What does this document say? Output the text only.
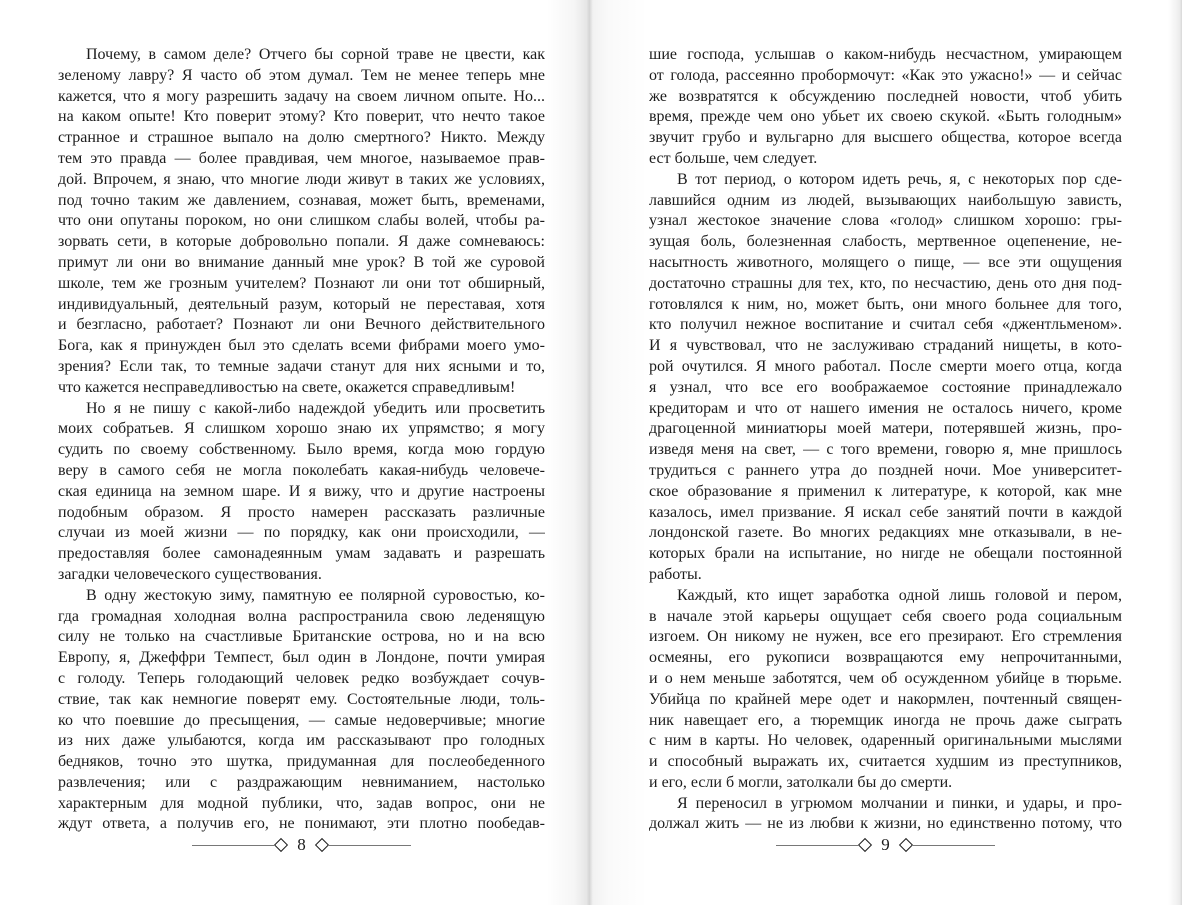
Почему, в самом деле? Отчего бы сорной траве не цвести, как
зеленому лавру? Я часто об этом думал. Тем не менее теперь мне
кажется, что я могу разрешить задачу на своем личном опыте. Но...
на каком опыте! Кто поверит этому? Кто поверит, что нечто такое
странное и страшное выпало на долю смертного? Никто. Между
тем это правда — более правдивая, чем многое, называемое прав-
дой. Впрочем, я знаю, что многие люди живут в таких же условиях,
под точно таким же давлением, сознавая, может быть, временами,
что они опутаны пороком, но они слишком слабы волей, чтобы ра-
зорвать сети, в которые добровольно попали. Я даже сомневаюсь:
примут ли они во внимание данный мне урок? В той же суровой
школе, тем же грозным учителем? Познают ли они тот обширный,
индивидуальный, деятельный разум, который не переставая, хотя
и безгласно, работает? Познают ли они Вечного действительного
Бога, как я принужден был это сделать всеми фибрами моего умо-
зрения? Если так, то темные задачи станут для них ясными и то,
что кажется несправедливостью на свете, окажется справедливым!
Но я не пишу с какой-либо надеждой убедить или просветить
моих собратьев. Я слишком хорошо знаю их упрямство; я могу
судить по своему собственному. Было время, когда мою гордую
веру в самого себя не могла поколебать какая-нибудь человече-
ская единица на земном шаре. И я вижу, что и другие настроены
подобным образом. Я просто намерен рассказать различные
случаи из моей жизни — по порядку, как они происходили, —
предоставляя более самонадеянным умам задавать и разрешать
загадки человеческого существования.
В одну жестокую зиму, памятную ее полярной суровостью, ко-
гда громадная холодная волна распространила свою леденящую
силу не только на счастливые Британские острова, но и на всю
Европу, я, Джеффри Темпест, был один в Лондоне, почти умирая
с голоду. Теперь голодающий человек редко возбуждает сочув-
ствие, так как немногие поверят ему. Состоятельные люди, толь-
ко что поевшие до пресыщения, — самые недоверчивые; многие
из них даже улыбаются, когда им рассказывают про голодных
бедняков, точно это шутка, придуманная для послеобеденного
развлечения; или с раздражающим невниманием, настолько
характерным для модной публики, что, задав вопрос, они не
ждут ответа, а получив его, не понимают, эти плотно пообедав-
шие господа, услышав о каком-нибудь несчастном, умирающем
от голода, рассеянно пробормочут: «Как это ужасно!» — и сейчас
же возвратятся к обсуждению последней новости, чтоб убить
время, прежде чем оно убьет их своею скукой. «Быть голодным»
звучит грубо и вульгарно для высшего общества, которое всегда
ест больше, чем следует.
В тот период, о котором идеть речь, я, с некоторых пор сде-
лавшийся одним из людей, вызывающих наибольшую зависть,
узнал жестокое значение слова «голод» слишком хорошо: гры-
зущая боль, болезненная слабость, мертвенное оцепенение, не-
насытность животного, молящего о пище, — все эти ощущения
достаточно страшны для тех, кто, по несчастию, день ото дня под-
готовлялся к ним, но, может быть, они много больнее для того,
кто получил нежное воспитание и считал себя «джентльменом».
И я чувствовал, что не заслуживаю страданий нищеты, в кото-
рой очутился. Я много работал. После смерти моего отца, когда
я узнал, что все его воображаемое состояние принадлежало
кредиторам и что от нашего имения не осталось ничего, кроме
драгоценной миниатюры моей матери, потерявшей жизнь, про-
изведя меня на свет, — с того времени, говорю я, мне пришлось
трудиться с раннего утра до поздней ночи. Мое университет-
ское образование я применил к литературе, к которой, как мне
казалось, имел призвание. Я искал себе занятий почти в каждой
лондонской газете. Во многих редакциях мне отказывали, в не-
которых брали на испытание, но нигде не обещали постоянной
работы.
Каждый, кто ищет заработка одной лишь головой и пером,
в начале этой карьеры ощущает себя своего рода социальным
изгоем. Он никому не нужен, все его презирают. Его стремления
осмеяны, его рукописи возвращаются ему непрочитанными,
и о нем меньше заботятся, чем об осужденном убийце в тюрьме.
Убийца по крайней мере одет и накормлен, почтенный священ-
ник навещает его, а тюремщик иногда не прочь даже сыграть
с ним в карты. Но человек, одаренный оригинальными мыслями
и способный выражать их, считается худшим из преступников,
и его, если б могли, затолкали бы до смерти.
Я переносил в угрюмом молчании и пинки, и удары, и про-
должал жить — не из любви к жизни, но единственно потому, что
8	9
